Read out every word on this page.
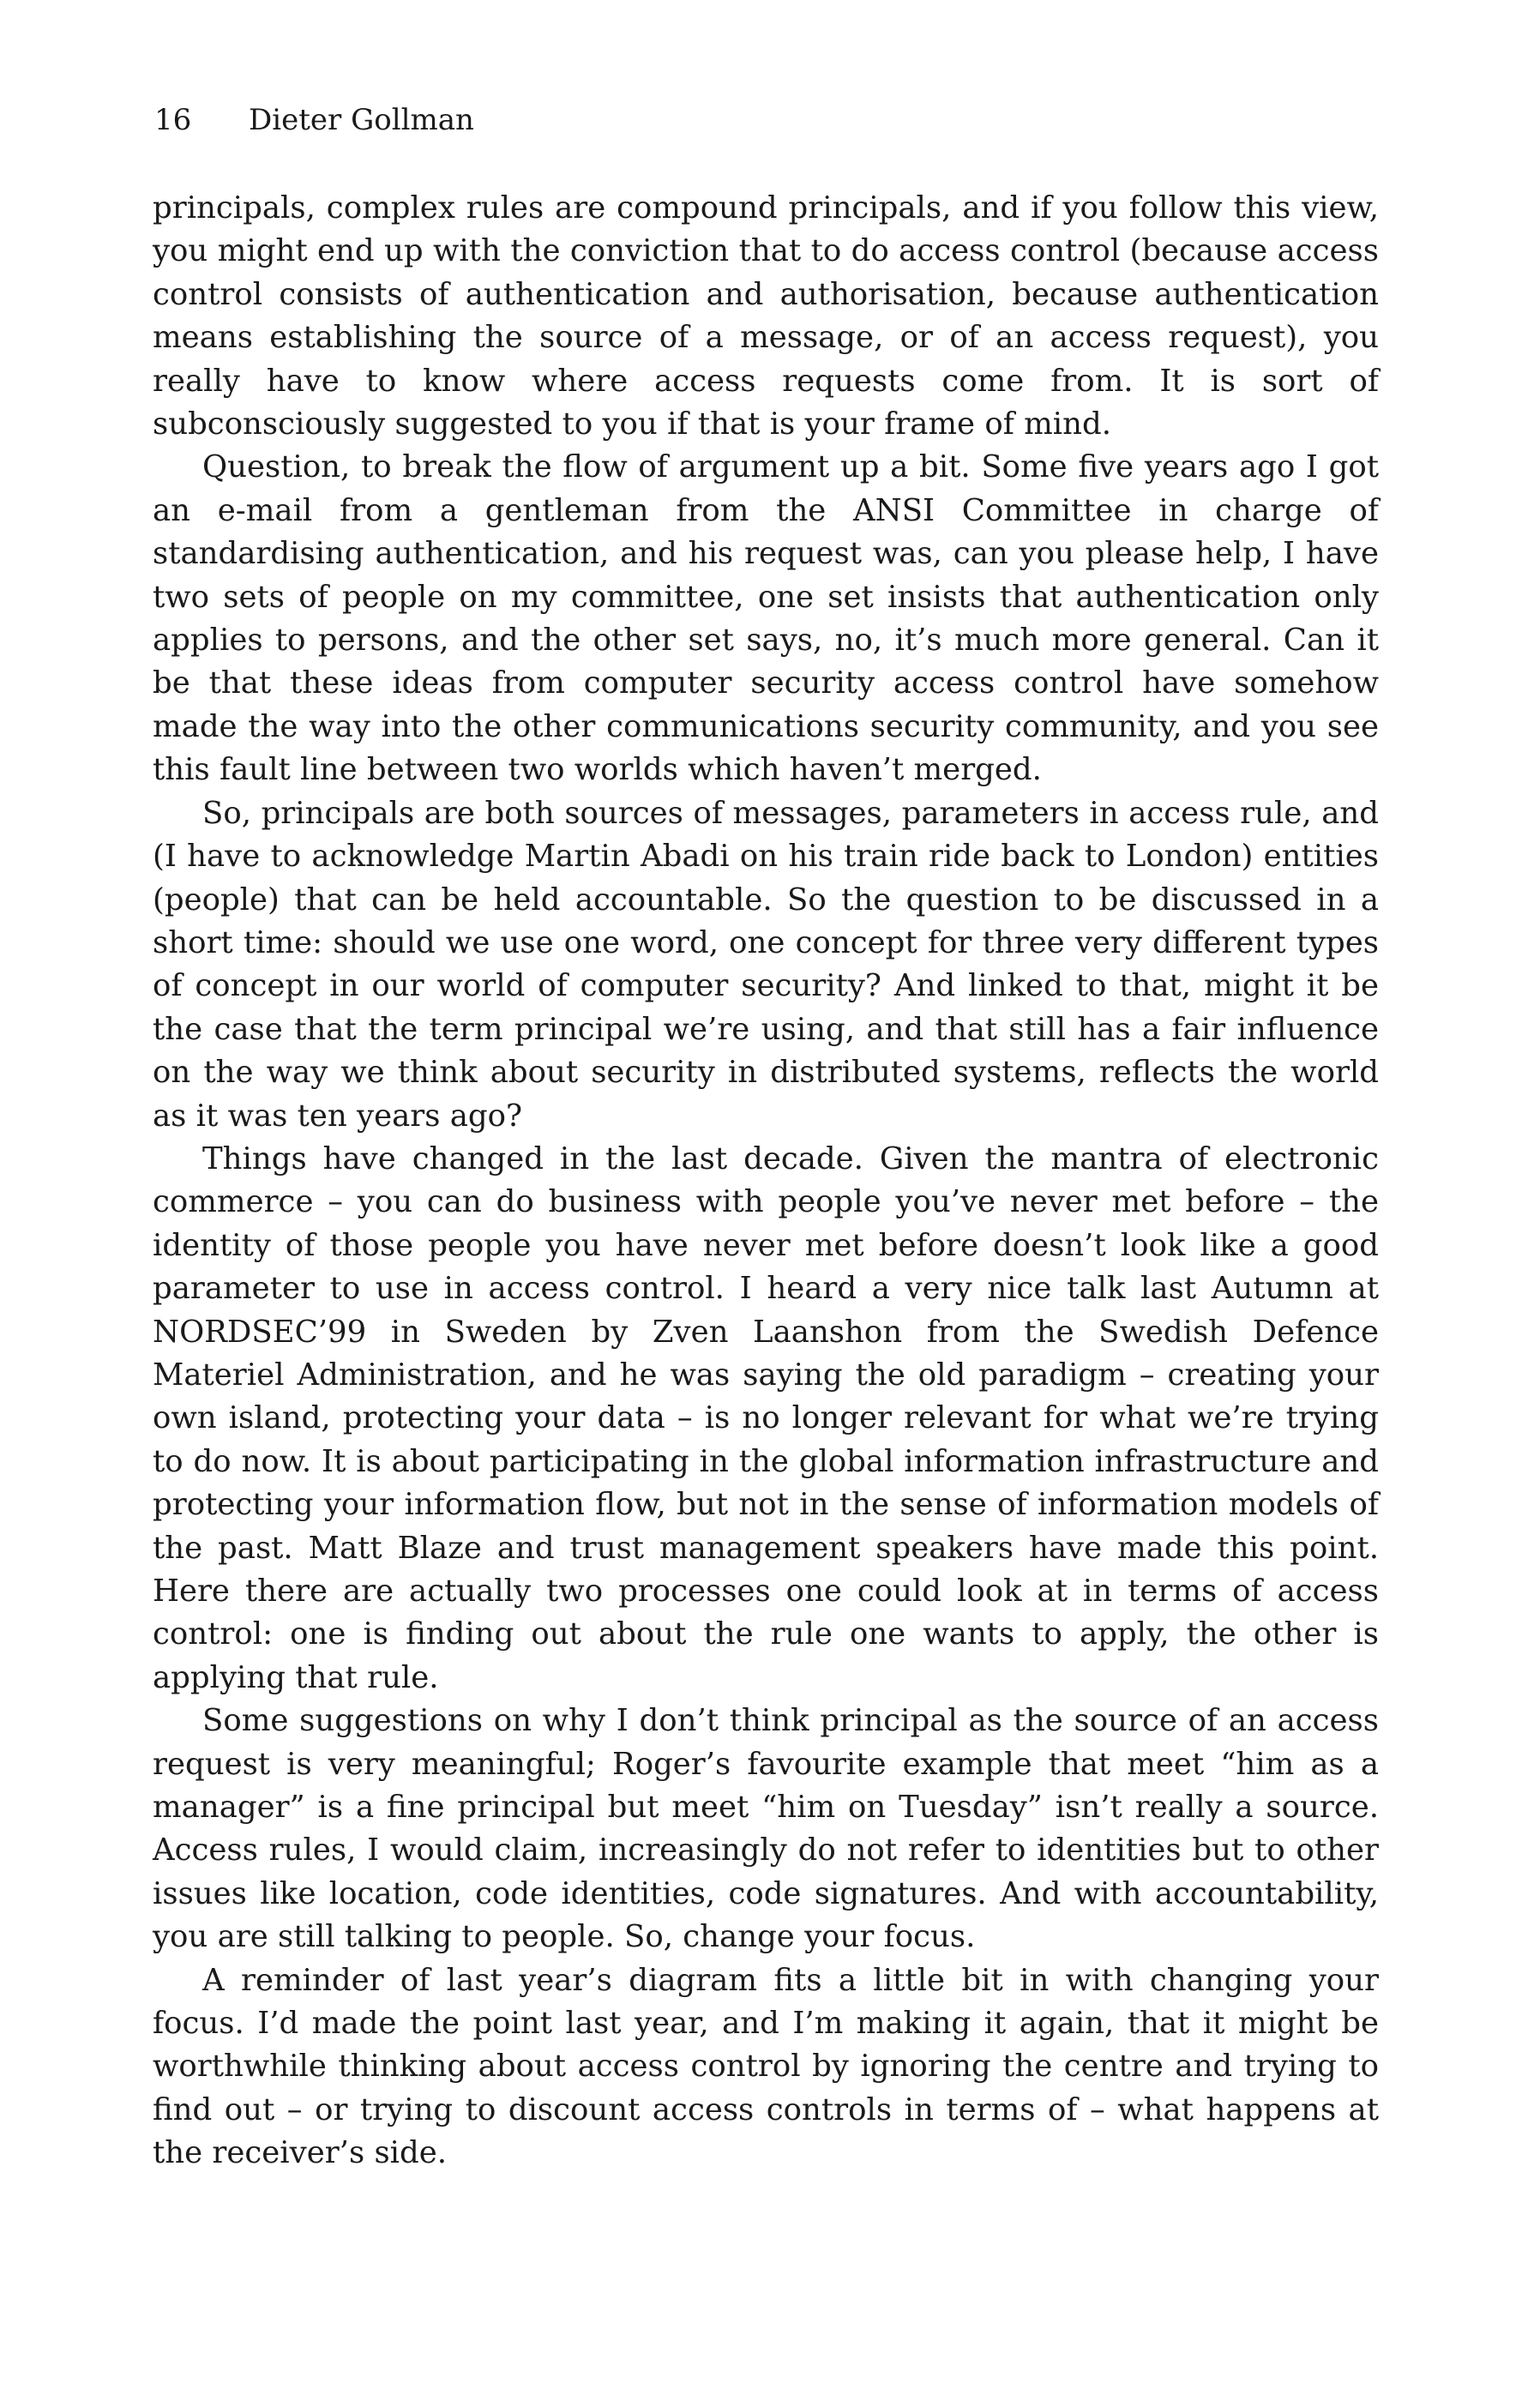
16 Dieter Gollman

principals, complex rules are compound principals, and if you follow this view, you might end up with the conviction that to do access control (because access control consists of authentication and authorisation, because authentication means establishing the source of a message, or of an access request), you really have to know where access requests come from. It is sort of subconsciously suggested to you if that is your frame of mind.

Question, to break the flow of argument up a bit. Some five years ago I got an e-mail from a gentleman from the ANSI Committee in charge of standardising authentication, and his request was, can you please help, I have two sets of people on my committee, one set insists that authentication only applies to persons, and the other set says, no, it’s much more general. Can it be that these ideas from computer security access control have somehow made the way into the other communications security community, and you see this fault line between two worlds which haven’t merged.

So, principals are both sources of messages, parameters in access rule, and (I have to acknowledge Martin Abadi on his train ride back to London) entities (people) that can be held accountable. So the question to be discussed in a short time: should we use one word, one concept for three very different types of concept in our world of computer security? And linked to that, might it be the case that the term principal we’re using, and that still has a fair influence on the way we think about security in distributed systems, reflects the world as it was ten years ago?

Things have changed in the last decade. Given the mantra of electronic commerce – you can do business with people you’ve never met before – the identity of those people you have never met before doesn’t look like a good parameter to use in access control. I heard a very nice talk last Autumn at NORDSEC’99 in Sweden by Zven Laanshon from the Swedish Defence Materiel Administration, and he was saying the old paradigm – creating your own island, protecting your data – is no longer relevant for what we’re trying to do now. It is about participating in the global information infrastructure and protecting your information flow, but not in the sense of information models of the past. Matt Blaze and trust management speakers have made this point. Here there are actually two processes one could look at in terms of access control: one is finding out about the rule one wants to apply, the other is applying that rule.

Some suggestions on why I don’t think principal as the source of an access request is very meaningful; Roger’s favourite example that meet “him as a manager” is a fine principal but meet “him on Tuesday” isn’t really a source. Access rules, I would claim, increasingly do not refer to identities but to other issues like location, code identities, code signatures. And with accountability, you are still talking to people. So, change your focus.

A reminder of last year’s diagram fits a little bit in with changing your focus. I’d made the point last year, and I’m making it again, that it might be worthwhile thinking about access control by ignoring the centre and trying to find out – or trying to discount access controls in terms of – what happens at the receiver’s side.
